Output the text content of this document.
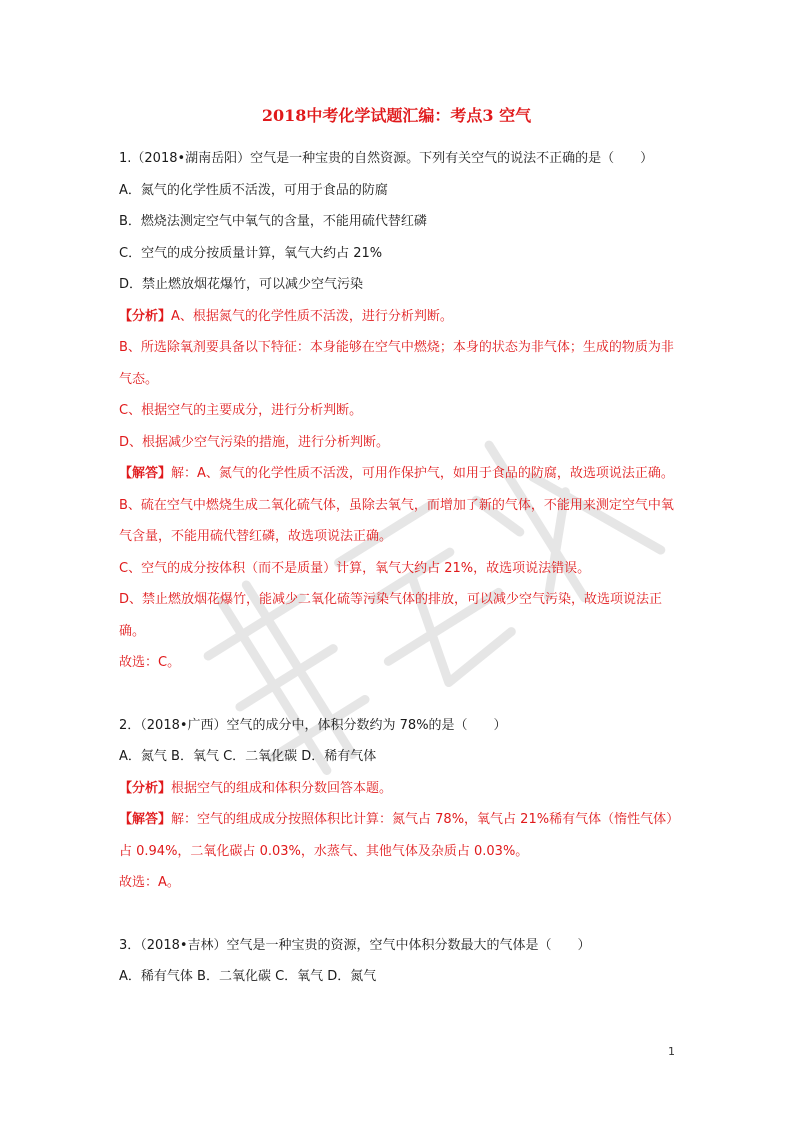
2018中考化学试题汇编：考点3 空气
1.（2018•湖南岳阳）空气是一种宝贵的自然资源。下列有关空气的说法不正确的是（　　）
A．氮气的化学性质不活泼，可用于食品的防腐
B．燃烧法测定空气中氧气的含量，不能用硫代替红磷
C．空气的成分按质量计算，氧气大约占 21%
D．禁止燃放烟花爆竹，可以减少空气污染
【分析】A、根据氮气的化学性质不活泼，进行分析判断。
B、所选除氧剂要具备以下特征：本身能够在空气中燃烧；本身的状态为非气体；生成的物质为非气态。
C、根据空气的主要成分，进行分析判断。
D、根据减少空气污染的措施，进行分析判断。
【解答】解：A、氮气的化学性质不活泼，可用作保护气，如用于食品的防腐，故选项说法正确。
B、硫在空气中燃烧生成二氧化硫气体，虽除去氧气，而增加了新的气体，不能用来测定空气中氧气含量，不能用硫代替红磷，故选项说法正确。
C、空气的成分按体积（而不是质量）计算，氧气大约占 21%，故选项说法错误。
D、禁止燃放烟花爆竹，能减少二氧化硫等污染气体的排放，可以减少空气污染，故选项说法正确。
故选：C。
2．（2018•广西）空气的成分中，体积分数约为 78%的是（　　）
A．氮气 B．氧气 C．二氧化碳 D．稀有气体
【分析】根据空气的组成和体积分数回答本题。
【解答】解：空气的组成成分按照体积比计算：氮气占 78%，氧气占 21%稀有气体（惰性气体）占 0.94%，二氧化碳占 0.03%，水蒸气、其他气体及杂质占 0.03%。
故选：A。
3．（2018•吉林）空气是一种宝贵的资源，空气中体积分数最大的气体是（　　）
A．稀有气体 B．二氧化碳 C．氧气 D．氮气
1
